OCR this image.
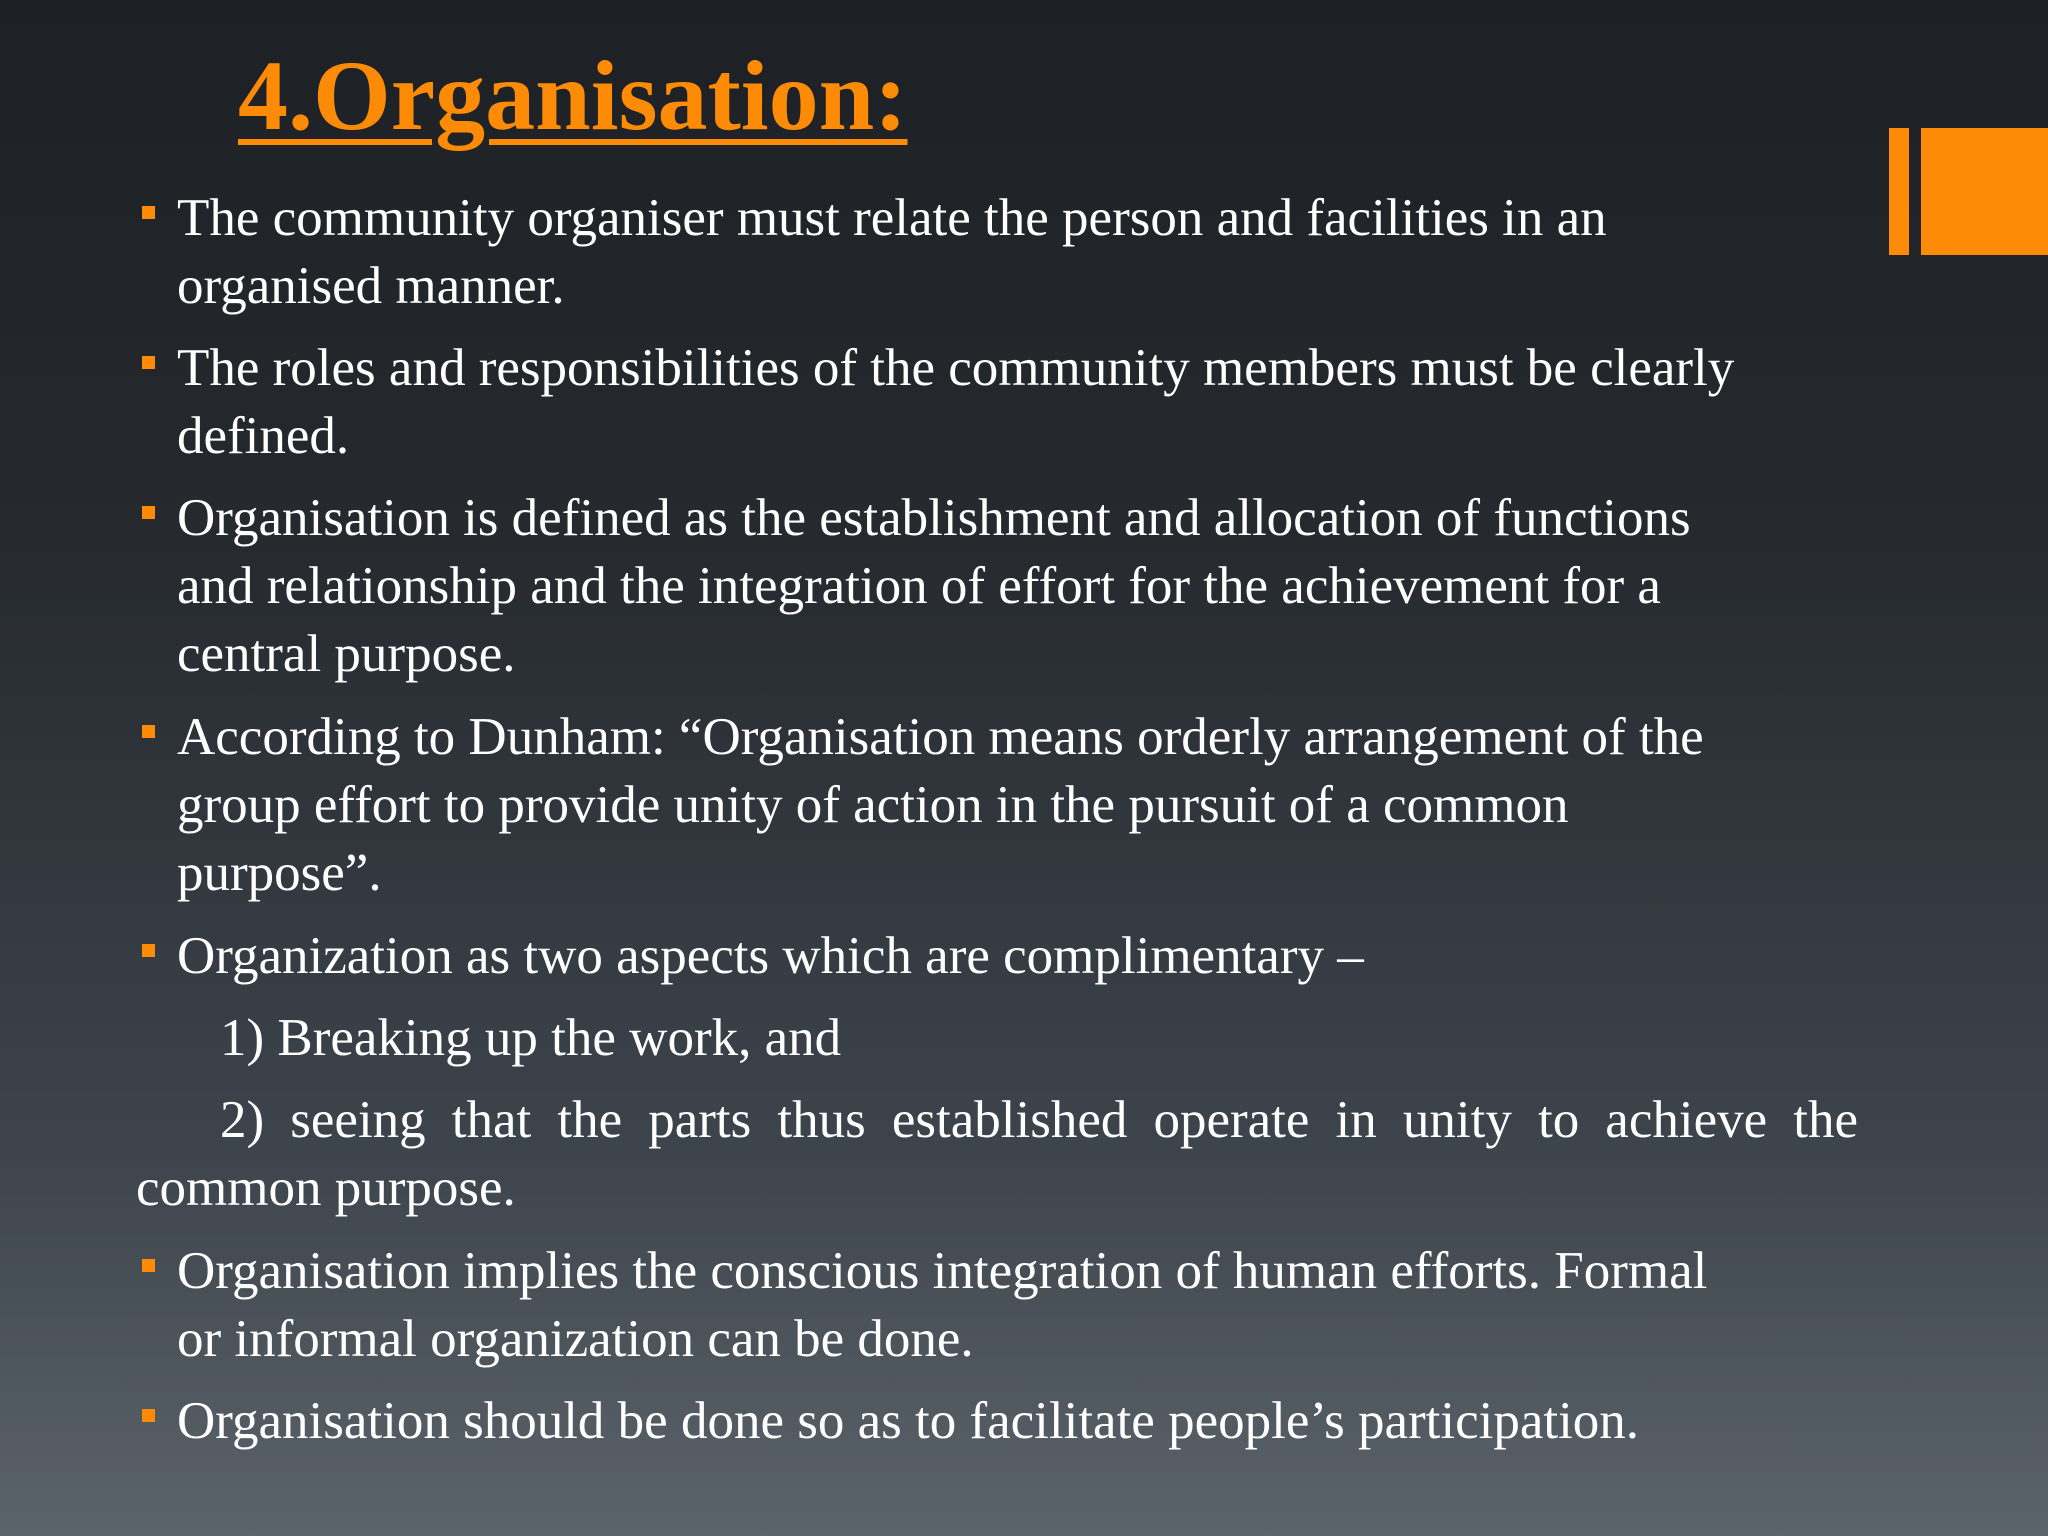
4.Organisation:
The community organiser must relate the person and facilities in an
organised manner.
The roles and responsibilities of the community members must be clearly
defined.
Organisation is defined as the establishment and allocation of functions
and relationship and the integration of effort for the achievement for a
central purpose.
According to Dunham: “Organisation means orderly arrangement of the
group effort to provide unity of action in the pursuit of a common
purpose”.
Organization as two aspects which are complimentary –
1) Breaking up the work, and
2) seeing that the parts thus established operate in unity to achieve the
common purpose.
Organisation implies the conscious integration of human efforts. Formal
or informal organization can be done.
Organisation should be done so as to facilitate people’s participation.
